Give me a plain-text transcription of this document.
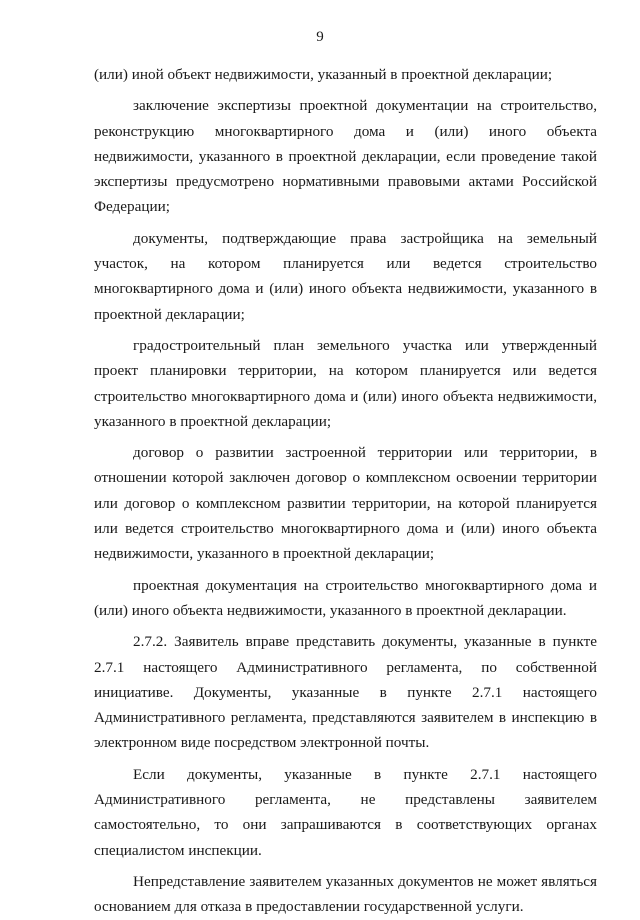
9

(или) иной объект недвижимости, указанный в проектной декларации;

заключение экспертизы проектной документации на строительство, реконструкцию многоквартирного дома и (или) иного объекта недвижимости, указанного в проектной декларации, если проведение такой экспертизы предусмотрено нормативными правовыми актами Российской Федерации;

документы, подтверждающие права застройщика на земельный участок, на котором планируется или ведется строительство многоквартирного дома и (или) иного объекта недвижимости, указанного в проектной декларации;

градостроительный план земельного участка или утвержденный проект планировки территории, на котором планируется или ведется строительство многоквартирного дома и (или) иного объекта недвижимости, указанного в проектной декларации;

договор о развитии застроенной территории или территории, в отношении которой заключен договор о комплексном освоении территории или договор о комплексном развитии территории, на которой планируется или ведется строительство многоквартирного дома и (или) иного объекта недвижимости, указанного в проектной декларации;

проектная документация на строительство многоквартирного дома и (или) иного объекта недвижимости, указанного в проектной декларации.

2.7.2. Заявитель вправе представить документы, указанные в пункте 2.7.1 настоящего Административного регламента, по собственной инициативе. Документы, указанные в пункте 2.7.1 настоящего Административного регламента, представляются заявителем в инспекцию в электронном виде посредством электронной почты.

Если документы, указанные в пункте 2.7.1 настоящего Административного регламента, не представлены заявителем самостоятельно, то они запрашиваются в соответствующих органах специалистом инспекции.

Непредставление заявителем указанных документов не может являться основанием для отказа в предоставлении государственной услуги.
